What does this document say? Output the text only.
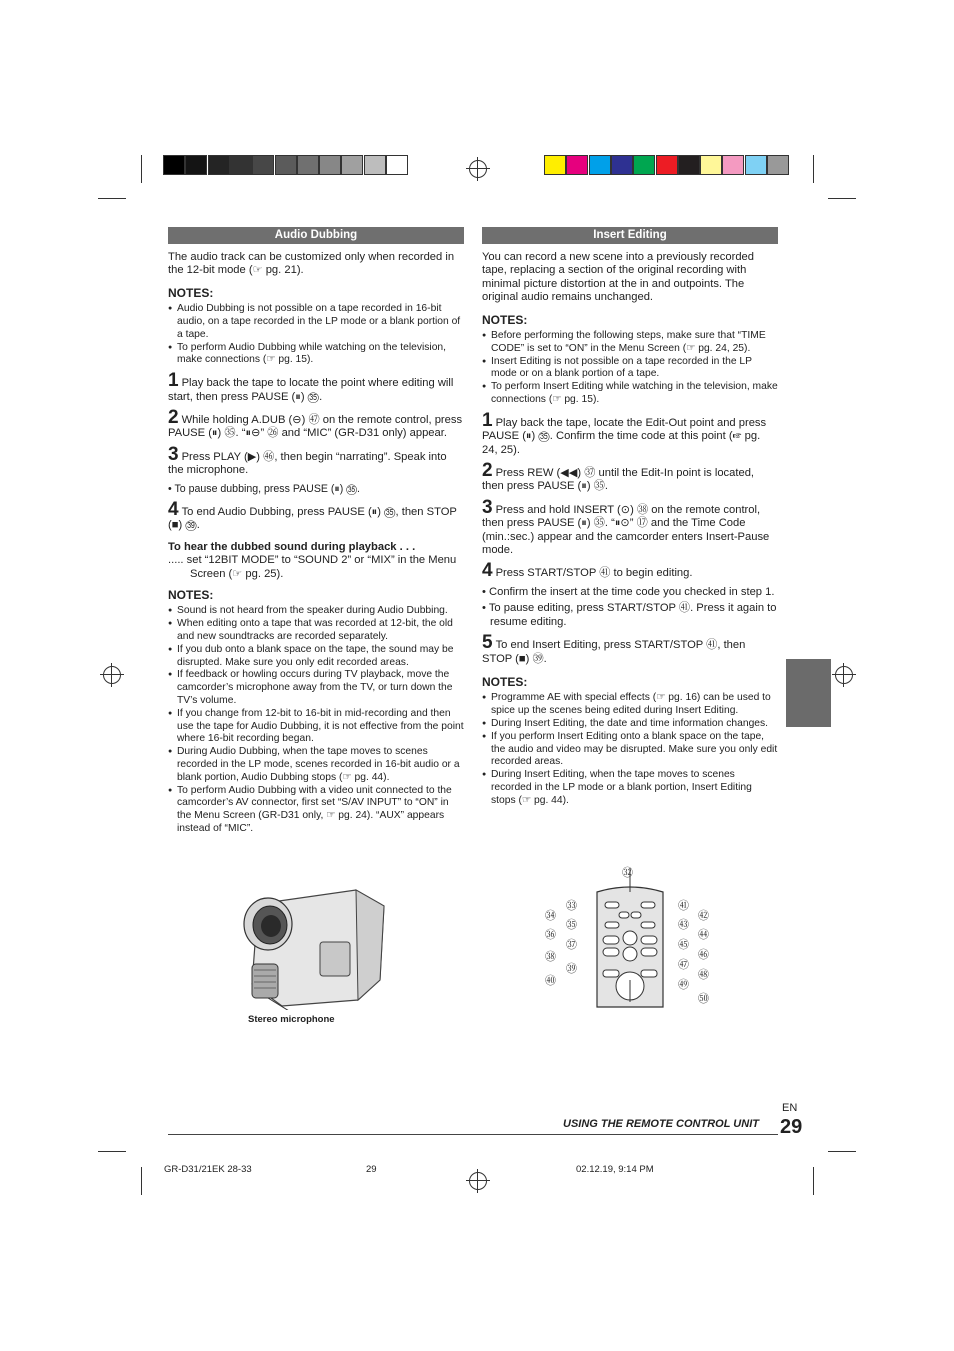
Audio Dubbing

The audio track can be customized only when recorded in the 12-bit mode (☞ pg. 21).

NOTES:

● Audio Dubbing is not possible on a tape recorded in 16-bit audio, on a tape recorded in the LP mode or a blank portion of a tape.

● To perform Audio Dubbing while watching on the television, make connections (☞ pg. 15).

1 Play back the tape to locate the point where editing will start, then press PAUSE (⏸) ㉟.

2 While holding A.DUB (⊖) ㊼ on the remote control, press PAUSE (⏸) ㉟. “⏸⊖” ㉖ and “MIC” (GR-D31 only) appear.

3 Press PLAY (▶) ㊻, then begin “narrating”. Speak into the microphone.

• To pause dubbing, press PAUSE (⏸) ㉟.

4 To end Audio Dubbing, press PAUSE (⏸) ㉟, then STOP (■) ㊴.

To hear the dubbed sound during playback . . .

..... set “12BIT MODE” to “SOUND 2” or “MIX” in the Menu Screen (☞ pg. 25).

NOTES:

● Sound is not heard from the speaker during Audio Dubbing.

● When editing onto a tape that was recorded at 12-bit, the old and new soundtracks are recorded separately.

● If you dub onto a blank space on the tape, the sound may be disrupted. Make sure you only edit recorded areas.

● If feedback or howling occurs during TV playback, move the camcorder’s microphone away from the TV, or turn down the TV’s volume.

● If you change from 12-bit to 16-bit in mid-recording and then use the tape for Audio Dubbing, it is not effective from the point where 16-bit recording began.

● During Audio Dubbing, when the tape moves to scenes recorded in the LP mode, scenes recorded in 16-bit audio or a blank portion, Audio Dubbing stops (☞ pg. 44).

● To perform Audio Dubbing with a video unit connected to the camcorder’s AV connector, first set “S/AV INPUT” to “ON” in the Menu Screen (GR-D31 only, ☞ pg. 24). “AUX” appears instead of “MIC”.

Insert Editing

You can record a new scene into a previously recorded tape, replacing a section of the original recording with minimal picture distortion at the in and outpoints. The original audio remains unchanged.

NOTES:

● Before performing the following steps, make sure that “TIME CODE” is set to “ON” in the Menu Screen (☞ pg. 24, 25).

● Insert Editing is not possible on a tape recorded in the LP mode or on a blank portion of a tape.

● To perform Insert Editing while watching in the television, make connections (☞ pg. 15).

1 Play back the tape, locate the Edit-Out point and press PAUSE (⏸) ㉟. Confirm the time code at this point (☞ pg. 24, 25).

2 Press REW (◀◀) ㊲ until the Edit-In point is located, then press PAUSE (⏸) ㉟.

3 Press and hold INSERT (⊙) ㊳ on the remote control, then press PAUSE (⏸) ㉟. “⏸⊙” ⑰ and the Time Code (min.:sec.) appear and the camcorder enters Insert-Pause mode.

4 Press START/STOP ㊶ to begin editing.

• Confirm the insert at the time code you checked in step 1.

• To pause editing, press START/STOP ㊶. Press it again to resume editing.

5 To end Insert Editing, press START/STOP ㊶, then STOP (■) ㊴.

NOTES:

● Programme AE with special effects (☞ pg. 16) can be used to spice up the scenes being edited during Insert Editing.

● During Insert Editing, the date and time information changes.

● If you perform Insert Editing onto a blank space on the tape, the audio and video may be disrupted. Make sure you only edit recorded areas.

● During Insert Editing, when the tape moves to scenes recorded in the LP mode or a blank portion, Insert Editing stops (☞ pg. 44).

Stereo microphone
㉜
㉝
㉞
㉟
㊱
㊲
㊳
㊴
㊵
㊶
㊷
㊸
㊹
㊺
㊻
㊼
㊽
㊾
㊿
EN
29
USING THE REMOTE CONTROL UNIT
GR-D31/21EK 28-33	29	02.12.19, 9:14 PM
